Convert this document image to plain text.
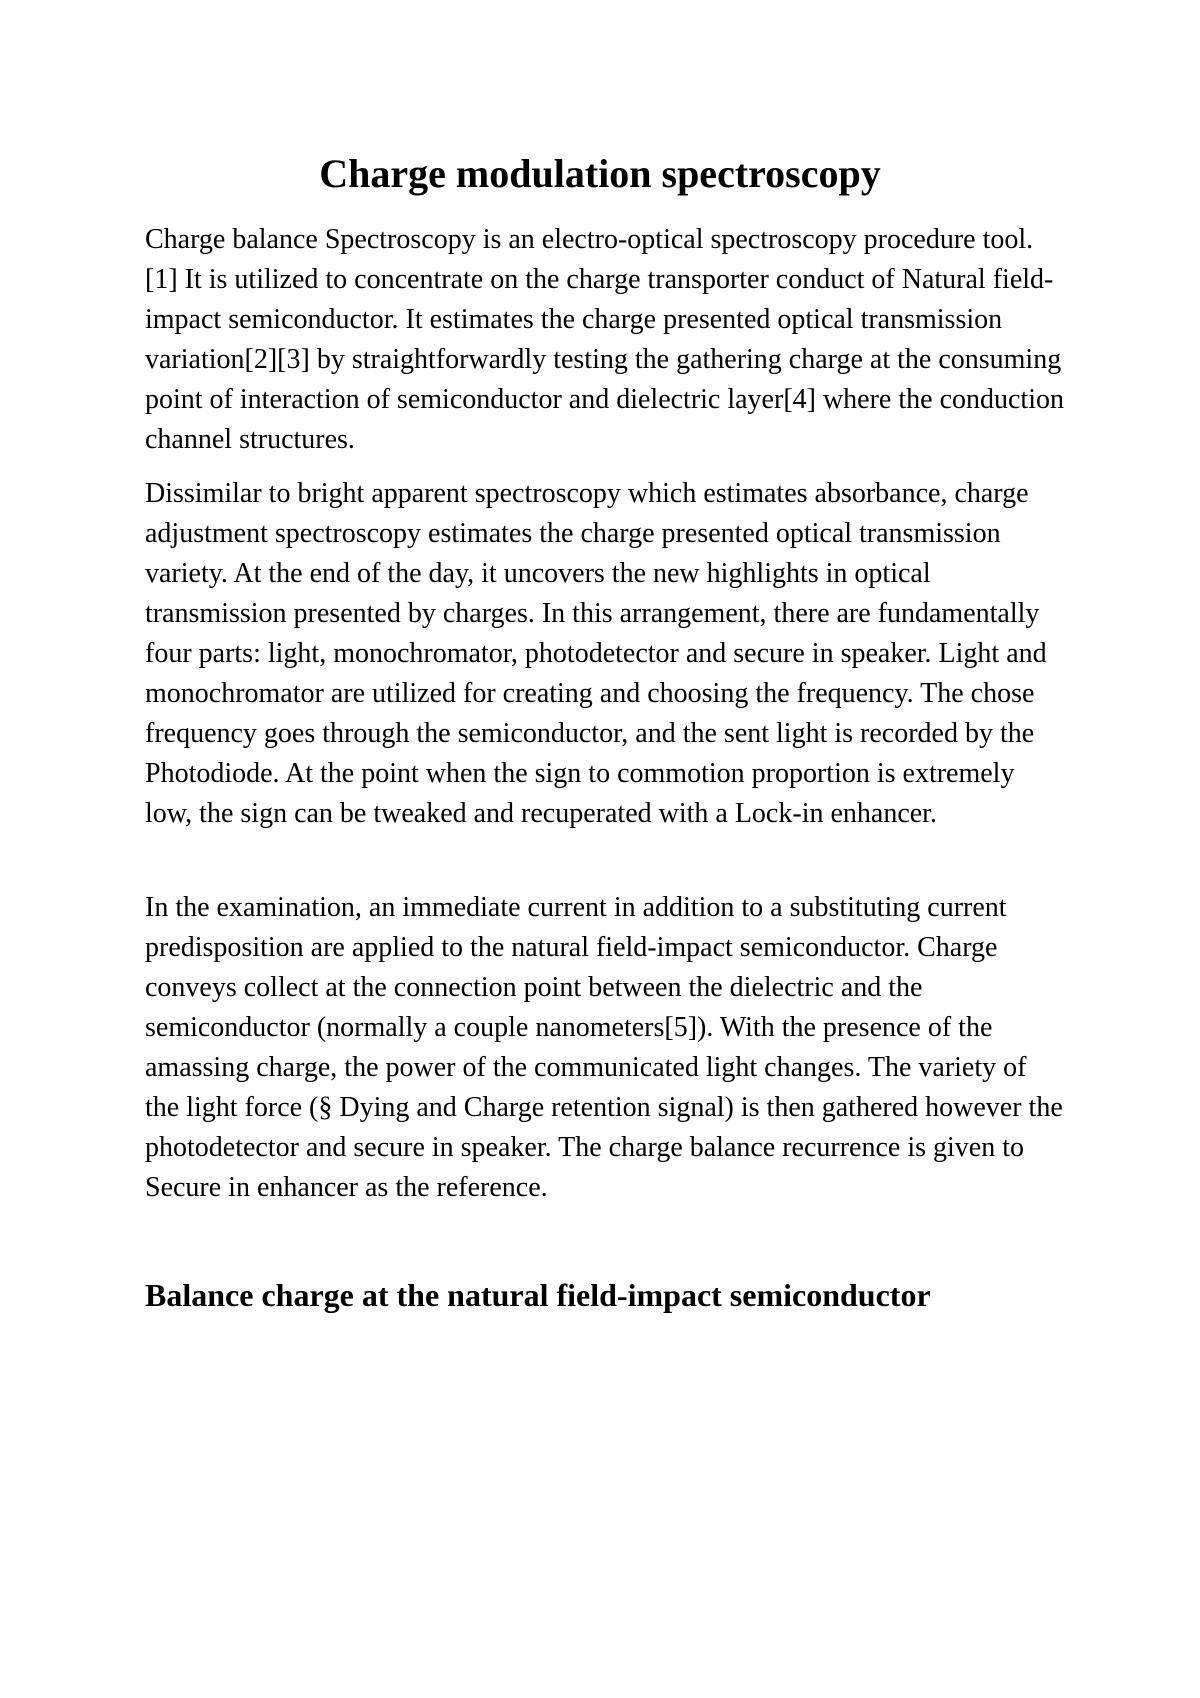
Charge modulation spectroscopy

Charge balance Spectroscopy is an electro-optical spectroscopy procedure tool.[1] It is utilized to concentrate on the charge transporter conduct of Natural field-impact semiconductor. It estimates the charge presented optical transmission variation[2][3] by straightforwardly testing the gathering charge at the consuming point of interaction of semiconductor and dielectric layer[4] where the conduction channel structures.

Dissimilar to bright apparent spectroscopy which estimates absorbance, charge adjustment spectroscopy estimates the charge presented optical transmission variety. At the end of the day, it uncovers the new highlights in optical transmission presented by charges. In this arrangement, there are fundamentally four parts: light, monochromator, photodetector and secure in speaker. Light and monochromator are utilized for creating and choosing the frequency. The chose frequency goes through the semiconductor, and the sent light is recorded by the Photodiode. At the point when the sign to commotion proportion is extremely low, the sign can be tweaked and recuperated with a Lock-in enhancer.

In the examination, an immediate current in addition to a substituting current predisposition are applied to the natural field-impact semiconductor. Charge conveys collect at the connection point between the dielectric and the semiconductor (normally a couple nanometers[5]). With the presence of the amassing charge, the power of the communicated light changes. The variety of the light force (§ Dying and Charge retention signal) is then gathered however the photodetector and secure in speaker. The charge balance recurrence is given to Secure in enhancer as the reference.

Balance charge at the natural field-impact semiconductor
